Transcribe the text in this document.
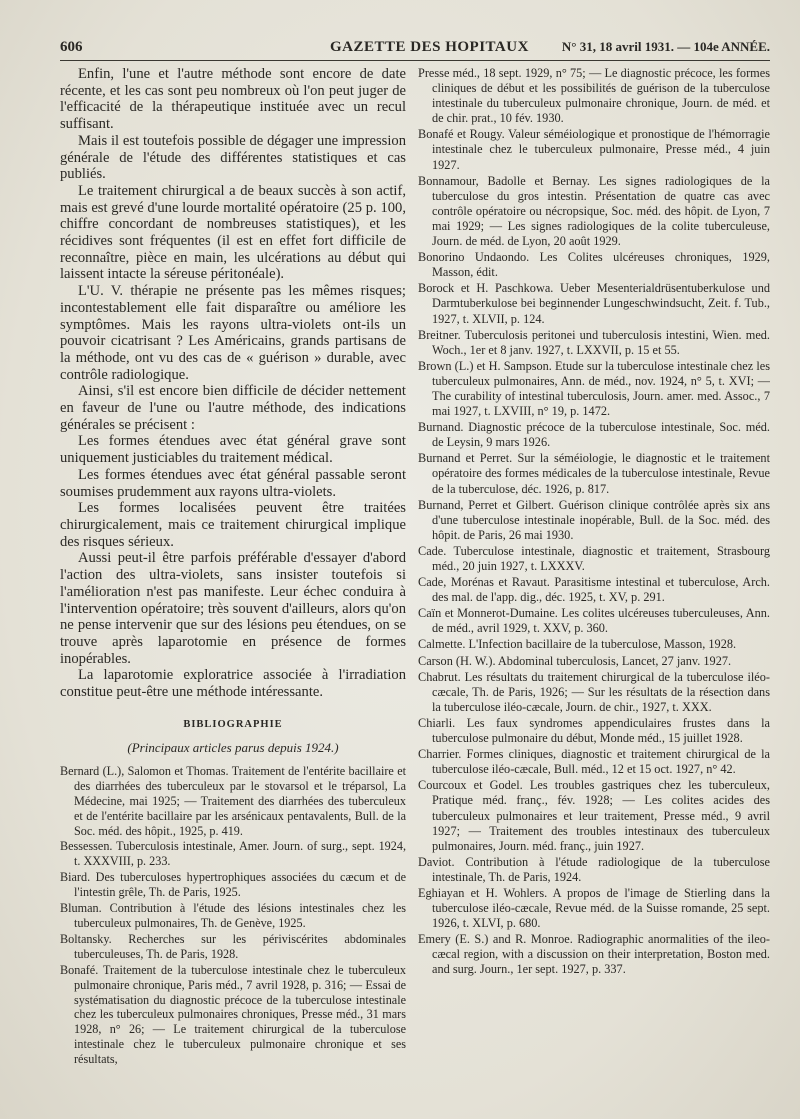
606	GAZETTE DES HOPITAUX	N° 31, 18 avril 1931. — 104e ANNÉE.

Enfin, l'une et l'autre méthode sont encore de date récente, et les cas sont peu nombreux où l'on peut juger de l'efficacité de la thérapeutique instituée avec un recul suffisant.

Mais il est toutefois possible de dégager une impression générale de l'étude des différentes statistiques et cas publiés.

Le traitement chirurgical a de beaux succès à son actif, mais est grevé d'une lourde mortalité opératoire (25 p. 100, chiffre concordant de nombreuses statistiques), et les récidives sont fréquentes (il est en effet fort difficile de reconnaître, pièce en main, les ulcérations au début qui laissent intacte la séreuse péritonéale).

L'U. V. thérapie ne présente pas les mêmes risques; incontestablement elle fait disparaître ou améliore les symptômes. Mais les rayons ultra-violets ont-ils un pouvoir cicatrisant ? Les Américains, grands partisans de la méthode, ont vu des cas de « guérison » durable, avec contrôle radiologique.

Ainsi, s'il est encore bien difficile de décider nettement en faveur de l'une ou l'autre méthode, des indications générales se précisent :

Les formes étendues avec état général grave sont uniquement justiciables du traitement médical.

Les formes étendues avec état général passable seront soumises prudemment aux rayons ultra-violets.

Les formes localisées peuvent être traitées chirurgicalement, mais ce traitement chirurgical implique des risques sérieux.

Aussi peut-il être parfois préférable d'essayer d'abord l'action des ultra-violets, sans insister toutefois si l'amélioration n'est pas manifeste. Leur échec conduira à l'intervention opératoire; très souvent d'ailleurs, alors qu'on ne pense intervenir que sur des lésions peu étendues, on se trouve après laparotomie en présence de formes inopérables.

La laparotomie exploratrice associée à l'irradiation constitue peut-être une méthode intéressante.

BIBLIOGRAPHIE
(Principaux articles parus depuis 1924.)
Bernard (L.), Salomon et Thomas. Traitement de l'entérite bacillaire et des diarrhées des tuberculeux par le stovarsol et le tréparsol, La Médecine, mai 1925; — Traitement des diarrhées des tuberculeux et de l'entérite bacillaire par les arsénicaux pentavalents, Bull. de la Soc. méd. des hôpit., 1925, p. 419.
Bessessen. Tuberculosis intestinale, Amer. Journ. of surg., sept. 1924, t. XXXVIII, p. 233.
Biard. Des tuberculoses hypertrophiques associées du cæcum et de l'intestin grêle, Th. de Paris, 1925.
Bluman. Contribution à l'étude des lésions intestinales chez les tuberculeux pulmonaires, Th. de Genève, 1925.
Boltansky. Recherches sur les périviscérites abdominales tuberculeuses, Th. de Paris, 1928.
Bonafé. Traitement de la tuberculose intestinale chez le tuberculeux pulmonaire chronique, Paris méd., 7 avril 1928, p. 316; — Essai de systématisation du diagnostic précoce de la tuberculose intestinale chez les tuberculeux pulmonaires chroniques, Presse méd., 31 mars 1928, n° 26; — Le traitement chirurgical de la tuberculose intestinale chez le tuberculeux pulmonaire chronique et ses résultats,
Presse méd., 18 sept. 1929, n° 75; — Le diagnostic précoce, les formes cliniques de début et les possibilités de guérison de la tuberculose intestinale du tuberculeux pulmonaire chronique, Journ. de méd. et de chir. prat., 10 fév. 1930.
Bonafé et Rougy. Valeur séméiologique et pronostique de l'hémorragie intestinale chez le tuberculeux pulmonaire, Presse méd., 4 juin 1927.
Bonnamour, Badolle et Bernay. Les signes radiologiques de la tuberculose du gros intestin. Présentation de quatre cas avec contrôle opératoire ou nécropsique, Soc. méd. des hôpit. de Lyon, 7 mai 1929; — Les signes radiologiques de la colite tuberculeuse, Journ. de méd. de Lyon, 20 août 1929.
Bonorino Undaondo. Les Colites ulcéreuses chroniques, 1929, Masson, édit.
Borock et H. Paschkowa. Ueber Mesenterialdrüsentuberkulose und Darmtuberkulose bei beginnender Lungeschwindsucht, Zeit. f. Tub., 1927, t. XLVII, p. 124.
Breitner. Tuberculosis peritonei und tuberculosis intestini, Wien. med. Woch., 1er et 8 janv. 1927, t. LXXVII, p. 15 et 55.
Brown (L.) et H. Sampson. Etude sur la tuberculose intestinale chez les tuberculeux pulmonaires, Ann. de méd., nov. 1924, n° 5, t. XVI; — The curability of intestinal tuberculosis, Journ. amer. med. Assoc., 7 mai 1927, t. LXVIII, n° 19, p. 1472.
Burnand. Diagnostic précoce de la tuberculose intestinale, Soc. méd. de Leysin, 9 mars 1926.
Burnand et Perret. Sur la séméiologie, le diagnostic et le traitement opératoire des formes médicales de la tuberculose intestinale, Revue de la tuberculose, déc. 1926, p. 817.
Burnand, Perret et Gilbert. Guérison clinique contrôlée après six ans d'une tuberculose intestinale inopérable, Bull. de la Soc. méd. des hôpit. de Paris, 26 mai 1930.
Cade. Tuberculose intestinale, diagnostic et traitement, Strasbourg méd., 20 juin 1927, t. LXXXV.
Cade, Morénas et Ravaut. Parasitisme intestinal et tuberculose, Arch. des mal. de l'app. dig., déc. 1925, t. XV, p. 291.
Caïn et Monnerot-Dumaine. Les colites ulcéreuses tuberculeuses, Ann. de méd., avril 1929, t. XXV, p. 360.
Calmette. L'Infection bacillaire de la tuberculose, Masson, 1928.
Carson (H. W.). Abdominal tuberculosis, Lancet, 27 janv. 1927.
Chabrut. Les résultats du traitement chirurgical de la tuberculose iléo-cæcale, Th. de Paris, 1926; — Sur les résultats de la résection dans la tuberculose iléo-cæcale, Journ. de chir., 1927, t. XXX.
Chiarli. Les faux syndromes appendiculaires frustes dans la tuberculose pulmonaire du début, Monde méd., 15 juillet 1928.
Charrier. Formes cliniques, diagnostic et traitement chirurgical de la tuberculose iléo-cæcale, Bull. méd., 12 et 15 oct. 1927, n° 42.
Courcoux et Godel. Les troubles gastriques chez les tuberculeux, Pratique méd. franç., fév. 1928; — Les colites acides des tuberculeux pulmonaires et leur traitement, Presse méd., 9 avril 1927; — Traitement des troubles intestinaux des tuberculeux pulmonaires, Journ. méd. franç., juin 1927.
Daviot. Contribution à l'étude radiologique de la tuberculose intestinale, Th. de Paris, 1924.
Eghiayan et H. Wohlers. A propos de l'image de Stierling dans la tuberculose iléo-cæcale, Revue méd. de la Suisse romande, 25 sept. 1926, t. XLVI, p. 680.
Emery (E. S.) and R. Monroe. Radiographic anormalities of the ileo-cæcal region, with a discussion on their interpretation, Boston med. and surg. Journ., 1er sept. 1927, p. 337.
